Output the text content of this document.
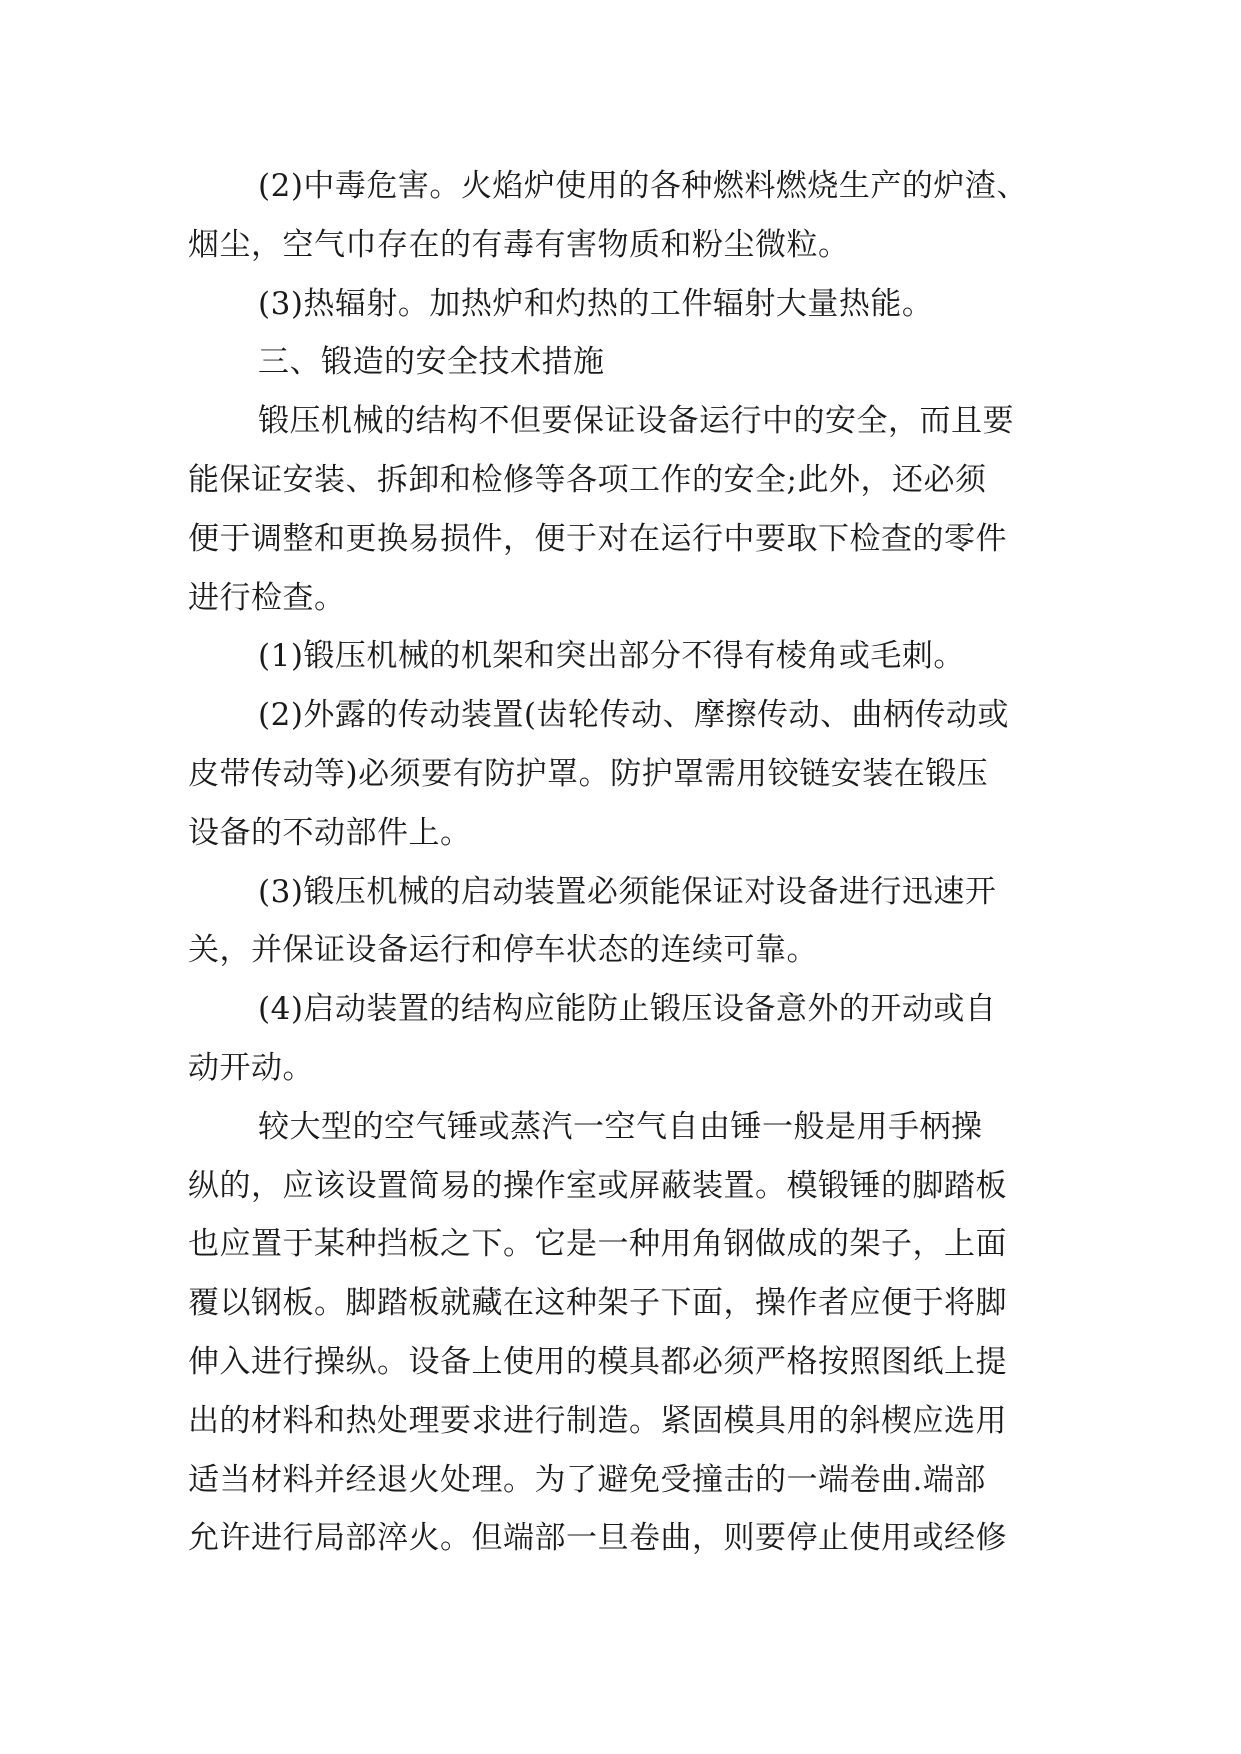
(2)中毒危害。火焰炉使用的各种燃料燃烧生产的炉渣、
烟尘，空气巾存在的有毒有害物质和粉尘微粒。
(3)热辐射。加热炉和灼热的工件辐射大量热能。
三、锻造的安全技术措施
锻压机械的结构不但要保证设备运行中的安全，而且要
能保证安装、拆卸和检修等各项工作的安全;此外，还必须
便于调整和更换易损件，便于对在运行中要取下检查的零件
进行检查。
(1)锻压机械的机架和突出部分不得有棱角或毛刺。
(2)外露的传动装置(齿轮传动、摩擦传动、曲柄传动或
皮带传动等)必须要有防护罩。防护罩需用铰链安装在锻压
设备的不动部件上。
(3)锻压机械的启动装置必须能保证对设备进行迅速开
关，并保证设备运行和停车状态的连续可靠。
(4)启动装置的结构应能防止锻压设备意外的开动或自
动开动。
较大型的空气锤或蒸汽一空气自由锤一般是用手柄操
纵的，应该设置简易的操作室或屏蔽装置。模锻锤的脚踏板
也应置于某种挡板之下。它是一种用角钢做成的架子，上面
覆以钢板。脚踏板就藏在这种架子下面，操作者应便于将脚
伸入进行操纵。设备上使用的模具都必须严格按照图纸上提
出的材料和热处理要求进行制造。紧固模具用的斜楔应选用
适当材料并经退火处理。为了避免受撞击的一端卷曲.端部
允许进行局部淬火。但端部一旦卷曲，则要停止使用或经修
